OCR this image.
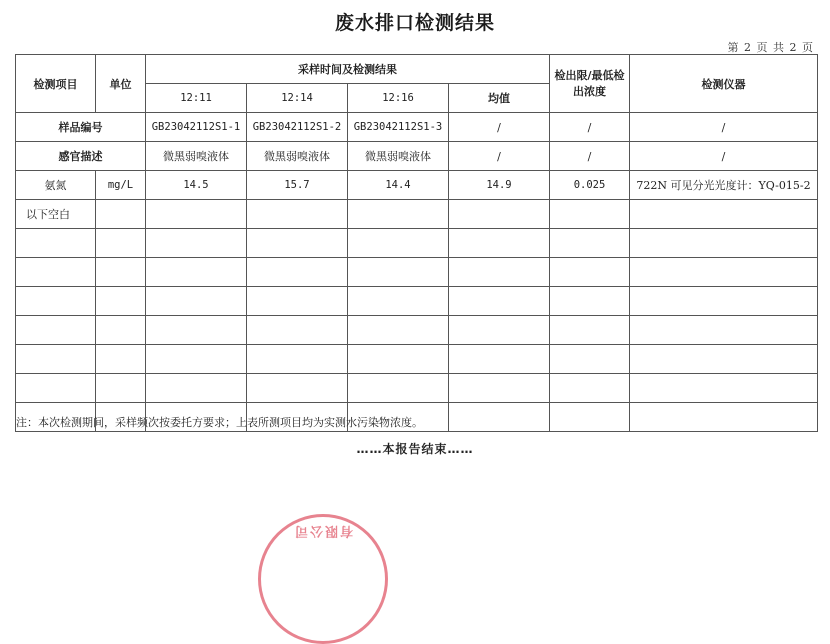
废水排口检测结果
第 2 页 共 2 页
检测项目	单位	采样时间及检测结果				检出限/最低检出浓度	检测仪器
		12:11	12:14	12:16	均值		
样品编号		GB23042112S1-1	GB23042112S1-2	GB23042112S1-3	/	/	/
感官描述		微黑弱嗅液体	微黑弱嗅液体	微黑弱嗅液体	/	/	/
氨氮	mg/L	14.5	15.7	14.4	14.9	0.025	722N 可见分光光度计：YQ-015-2
以下空白							

注：本次检测期间，采样频次按委托方要求；上表所测项目均为实测水污染物浓度。
……本报告结束……
有限公司
